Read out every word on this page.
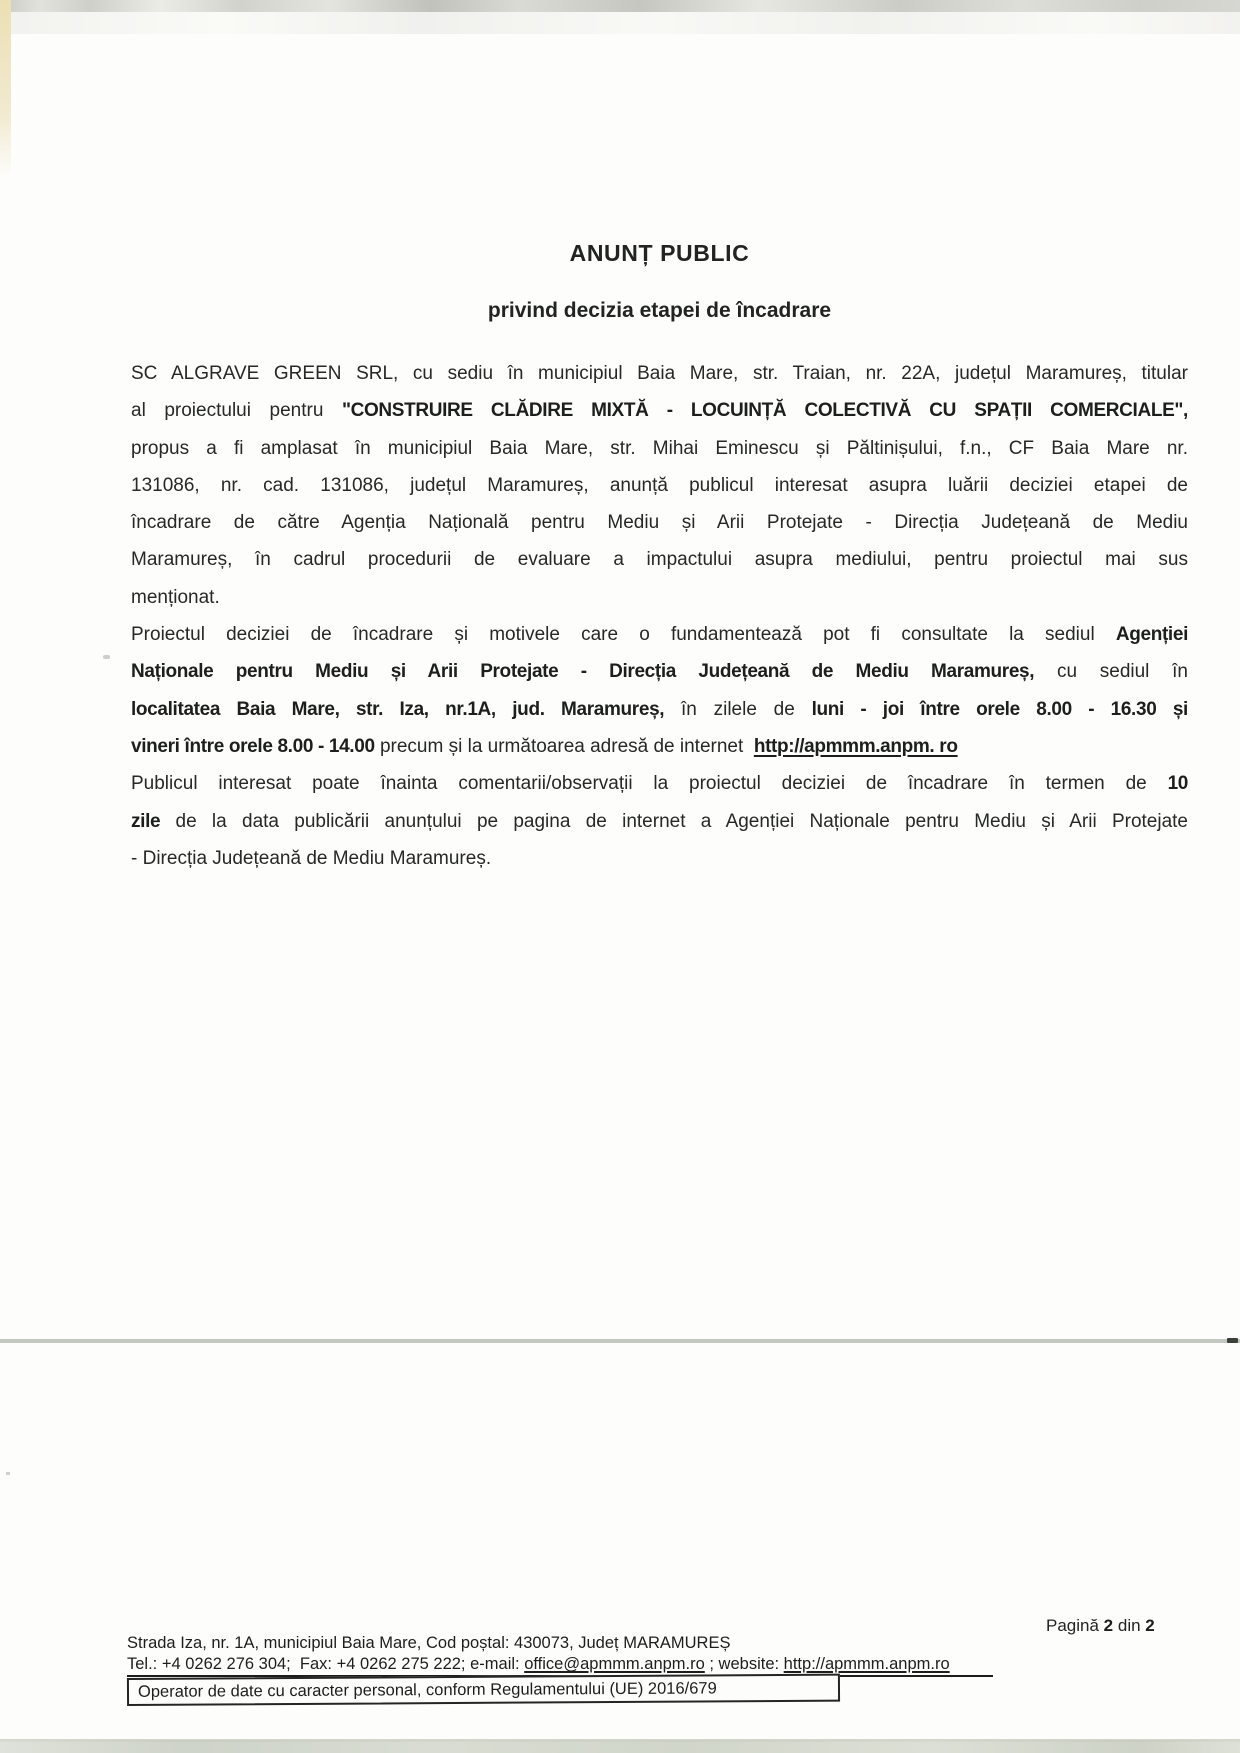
ANUNȚ PUBLIC
privind decizia etapei de încadrare
SC ALGRAVE GREEN SRL, cu sediu în municipiul Baia Mare, str. Traian, nr. 22A, județul Maramureș, titular
al proiectului pentru "CONSTRUIRE CLĂDIRE MIXTĂ - LOCUINȚĂ COLECTIVĂ CU SPAȚII COMERCIALE",
propus a fi amplasat în municipiul Baia Mare, str. Mihai Eminescu și Păltinișului, f.n., CF Baia Mare nr.
131086, nr. cad. 131086, județul Maramureș, anunță publicul interesat asupra luării deciziei etapei de
încadrare de către Agenția Națională pentru Mediu și Arii Protejate - Direcția Județeană de Mediu
Maramureș, în cadrul procedurii de evaluare a impactului asupra mediului, pentru proiectul mai sus
menționat.
Proiectul deciziei de încadrare și motivele care o fundamentează pot fi consultate la sediul Agenției
Naționale pentru Mediu și Arii Protejate - Direcția Județeană de Mediu Maramureș, cu sediul în
localitatea Baia Mare, str. Iza, nr.1A, jud. Maramureș, în zilele de luni - joi între orele 8.00 - 16.30 și
vineri între orele 8.00 - 14.00 precum și la următoarea adresă de internet  http://apmmm.anpm. ro
Publicul interesat poate înainta comentarii/observații la proiectul deciziei de încadrare în termen de 10
zile de la data publicării anunțului pe pagina de internet a Agenției Naționale pentru Mediu și Arii Protejate
- Direcția Județeană de Mediu Maramureș.
Pagină 2 din 2
Strada Iza, nr. 1A, municipiul Baia Mare, Cod poștal: 430073, Județ MARAMUREȘ
Tel.: +4 0262 276 304;  Fax: +4 0262 275 222; e-mail: office@apmmm.anpm.ro ; website: http://apmmm.anpm.ro
Operator de date cu caracter personal, conform Regulamentului (UE) 2016/679
